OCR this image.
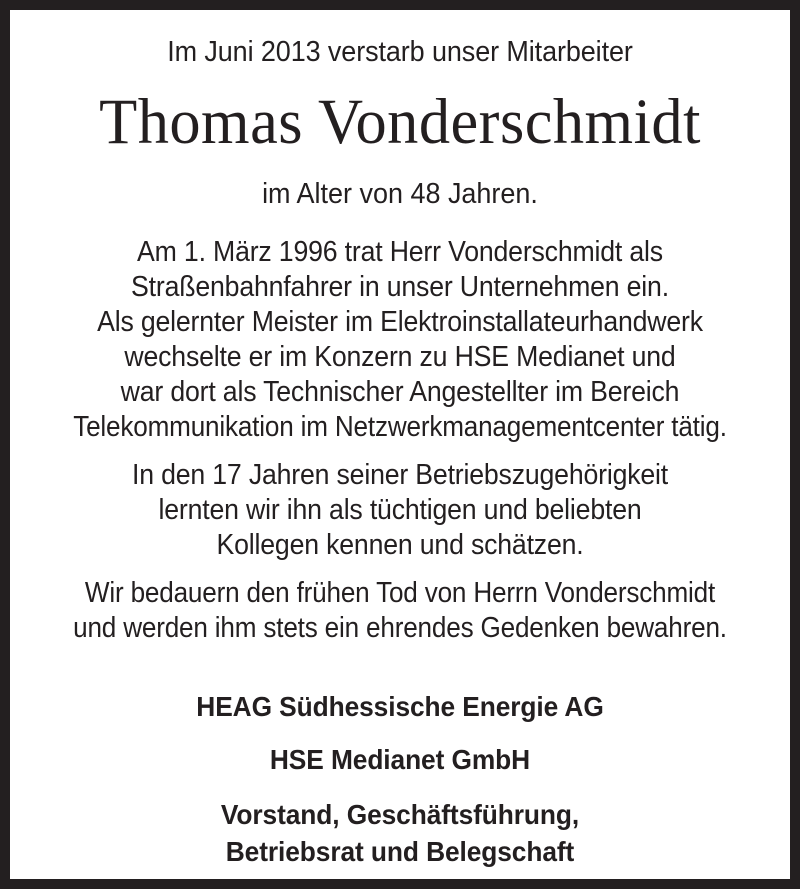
Im Juni 2013 verstarb unser Mitarbeiter
Thomas Vonderschmidt
im Alter von 48 Jahren.
Am 1. März 1996 trat Herr Vonderschmidt als
Straßenbahnfahrer in unser Unternehmen ein.
Als gelernter Meister im Elektroinstallateurhandwerk
wechselte er im Konzern zu HSE Medianet und
war dort als Technischer Angestellter im Bereich
Telekommunikation im Netzwerkmanagementcenter tätig.
In den 17 Jahren seiner Betriebszugehörigkeit
lernten wir ihn als tüchtigen und beliebten
Kollegen kennen und schätzen.
Wir bedauern den frühen Tod von Herrn Vonderschmidt
und werden ihm stets ein ehrendes Gedenken bewahren.
HEAG Südhessische Energie AG
HSE Medianet GmbH
Vorstand, Geschäftsführung,
Betriebsrat und Belegschaft
